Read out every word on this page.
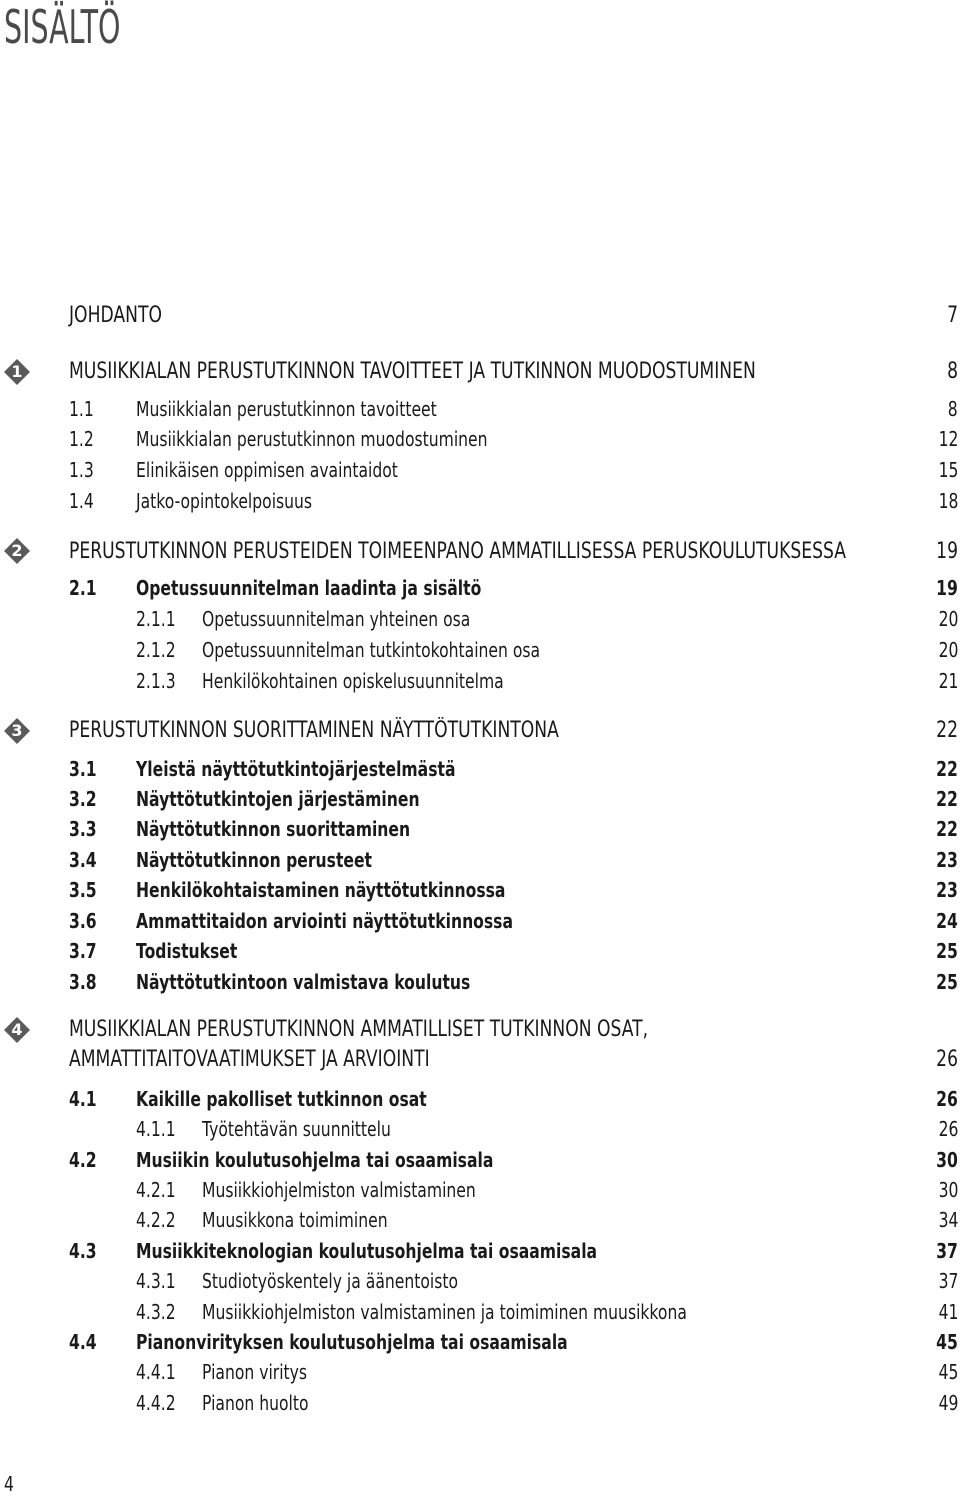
SISÄLTÖ
JOHDANTO	7
1	MUSIIKKIALAN PERUSTUTKINNON TAVOITTEET JA TUTKINNON MUODOSTUMINEN	8
1.1	Musiikkialan perustutkinnon tavoitteet	8
1.2	Musiikkialan perustutkinnon muodostuminen	12
1.3	Elinikäisen oppimisen avaintaidot	15
1.4	Jatko-opintokelpoisuus	18
2	PERUSTUTKINNON PERUSTEIDEN TOIMEENPANO AMMATILLISESSA PERUSKOULUTUKSESSA	19
2.1	Opetussuunnitelman laadinta ja sisältö	19
2.1.1	Opetussuunnitelman yhteinen osa	20
2.1.2	Opetussuunnitelman tutkintokohtainen osa	20
2.1.3	Henkilökohtainen opiskelusuunnitelma	21
3	PERUSTUTKINNON SUORITTAMINEN NÄYTTÖTUTKINTONA	22
3.1	Yleistä näyttötutkintojärjestelmästä	22
3.2	Näyttötutkintojen järjestäminen	22
3.3	Näyttötutkinnon suorittaminen	22
3.4	Näyttötutkinnon perusteet	23
3.5	Henkilökohtaistaminen näyttötutkinnossa	23
3.6	Ammattitaidon arviointi näyttötutkinnossa	24
3.7	Todistukset	25
3.8	Näyttötutkintoon valmistava koulutus	25
4	MUSIIKKIALAN PERUSTUTKINNON AMMATILLISET TUTKINNON OSAT,
AMMATTITAITOVAATIMUKSET JA ARVIOINTI	26
4.1	Kaikille pakolliset tutkinnon osat	26
4.1.1	Työtehtävän suunnittelu	26
4.2	Musiikin koulutusohjelma tai osaamisala	30
4.2.1	Musiikkiohjelmiston valmistaminen	30
4.2.2	Muusikkona toimiminen	34
4.3	Musiikkiteknologian koulutusohjelma tai osaamisala	37
4.3.1	Studiotyöskentely ja äänentoisto	37
4.3.2	Musiikkiohjelmiston valmistaminen ja toimiminen muusikkona	41
4.4	Pianonvirityksen koulutusohjelma tai osaamisala	45
4.4.1	Pianon viritys	45
4.4.2	Pianon huolto	49
4
